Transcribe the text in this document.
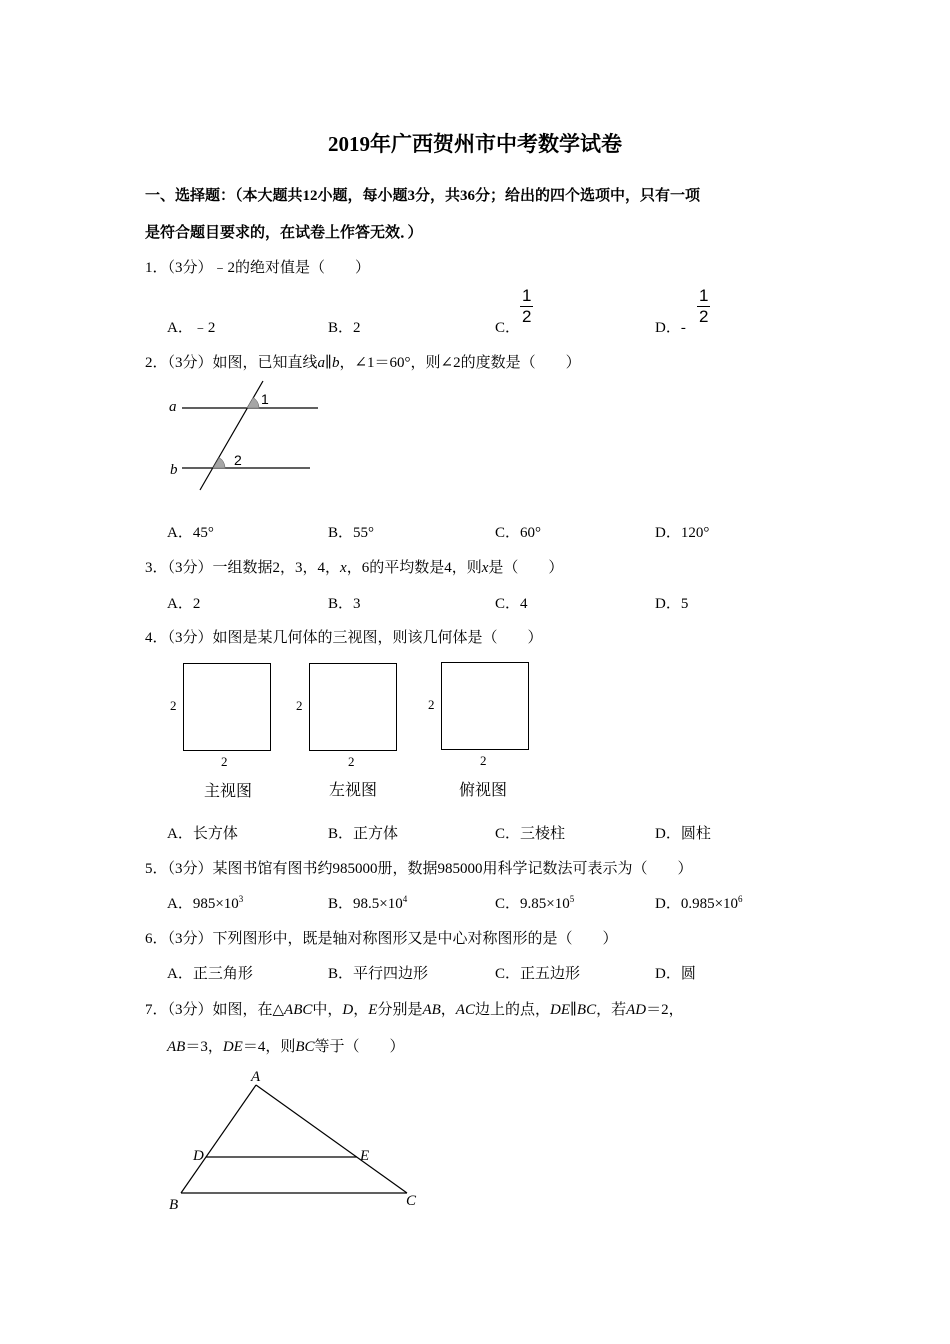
2019年广西贺州市中考数学试卷
一、选择题：（本大题共12小题，每小题3分，共36分；给出的四个选项中，只有一项
是符合题目要求的，在试卷上作答无效．）
1．（3分）﹣2的绝对值是（　　）
A．﹣2	B．2	C．
$\frac{1}{2}$
D．-
$\frac{1}{2}$
2．（3分）如图，已知直线a∥b，∠1＝60°，则∠2的度数是（　　）
a
b
1
2
A．45°	B．55°	C．60°	D．120°
3．（3分）一组数据2，3，4，x，6的平均数是4，则x是（　　）
A．2	B．3	C．4	D．5
4．（3分）如图是某几何体的三视图，则该几何体是（　　）
2
2
主视图
2
2
左视图
2
2
俯视图
A．长方体	B．正方体	C．三棱柱	D．圆柱
5．（3分）某图书馆有图书约985000册，数据985000用科学记数法可表示为（　　）
A．$985\times 10^3$	B．$98.5\times 10^4$	C．$9.85\times 10^5$	D．$0.985\times 10^6$
6．（3分）下列图形中，既是轴对称图形又是中心对称图形的是（　　）
A．正三角形	B．平行四边形	C．正五边形	D．圆
7．（3分）如图，在△ABC中，D，E分别是AB，AC边上的点，DE∥BC，若AD＝2，
AB＝3，DE＝4，则BC等于（　　）
A
D	E
B	C
